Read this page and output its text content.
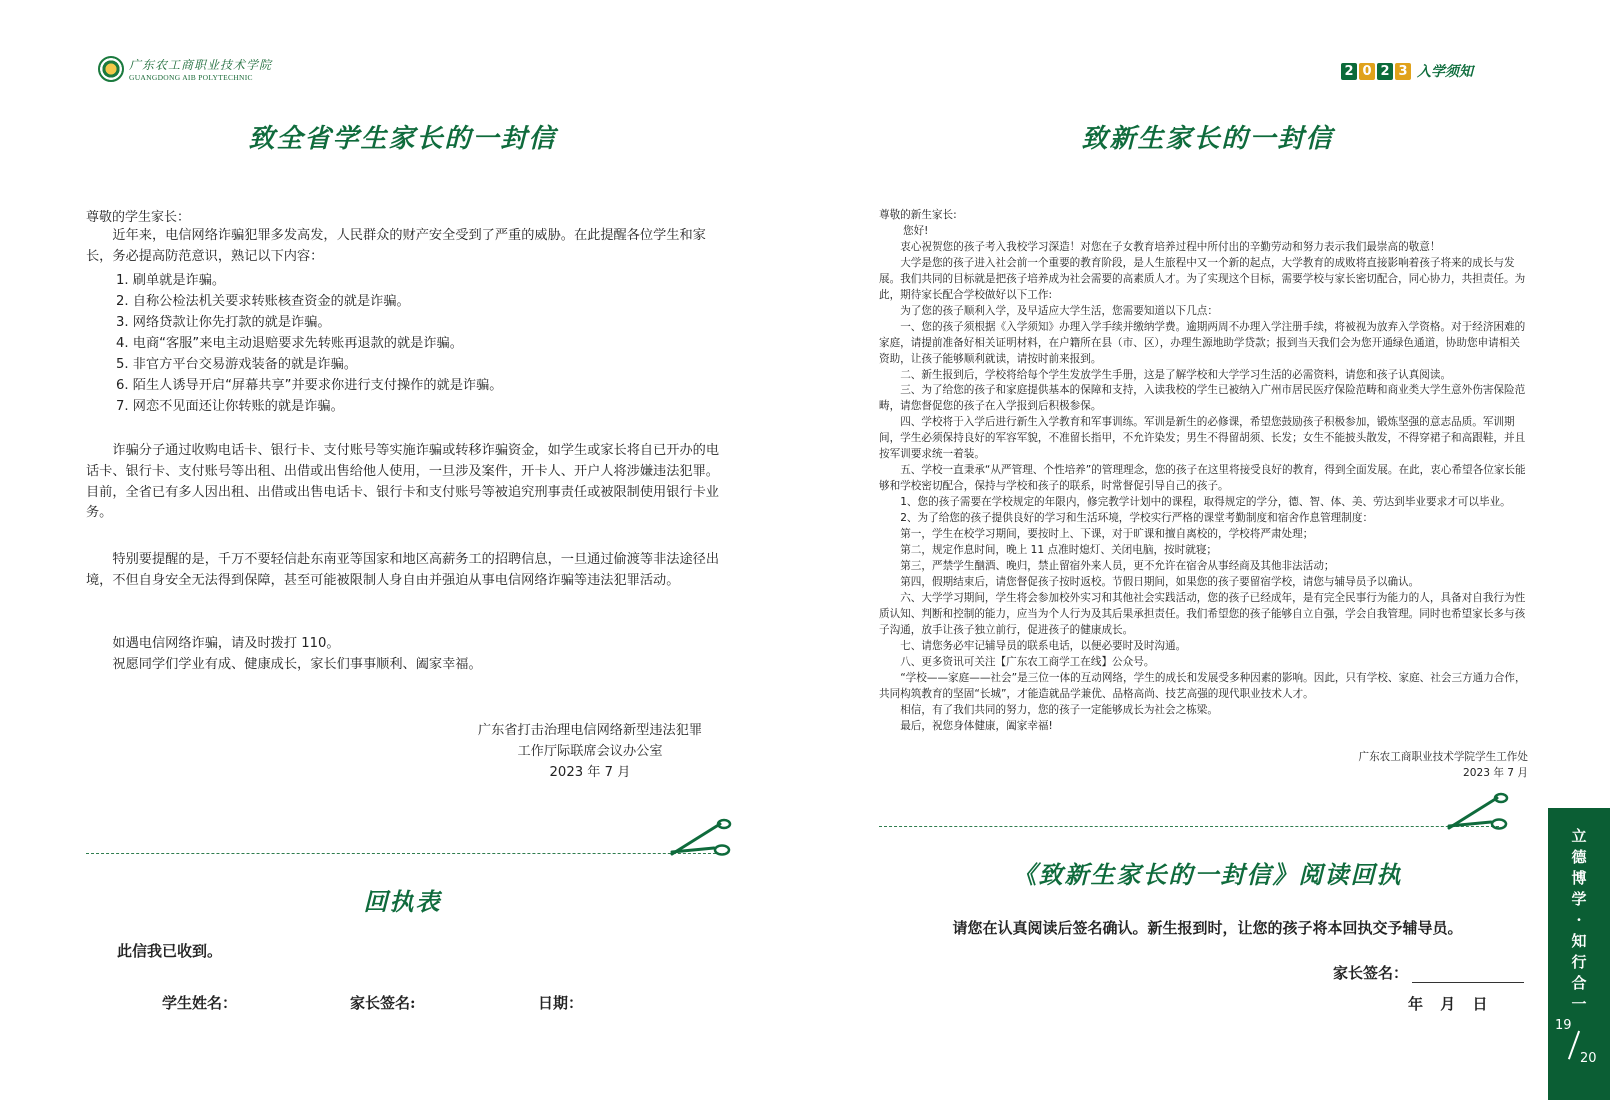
广东农工商职业技术学院
GUANGDONG AIB POLYTECHNIC
致全省学生家长的一封信
尊敬的学生家长：

近年来，电信网络诈骗犯罪多发高发，人民群众的财产安全受到了严重的威胁。在此提醒各位学生和家长，务必提高防范意识，熟记以下内容：

1. 刷单就是诈骗。
2. 自称公检法机关要求转账核查资金的就是诈骗。
3. 网络贷款让你先打款的就是诈骗。
4. 电商“客服”来电主动退赔要求先转账再退款的就是诈骗。
5. 非官方平台交易游戏装备的就是诈骗。
6. 陌生人诱导开启“屏幕共享”并要求你进行支付操作的就是诈骗。
7. 网恋不见面还让你转账的就是诈骗。

诈骗分子通过收购电话卡、银行卡、支付账号等实施诈骗或转移诈骗资金，如学生或家长将自已开办的电话卡、银行卡、支付账号等出租、出借或出售给他人使用，一旦涉及案件，开卡人、开户人将涉嫌违法犯罪。目前，全省已有多人因出租、出借或出售电话卡、银行卡和支付账号等被追究刑事责任或被限制使用银行卡业务。

特别要提醒的是，千万不要轻信赴东南亚等国家和地区高薪务工的招聘信息，一旦通过偷渡等非法途径出境，不但自身安全无法得到保障，甚至可能被限制人身自由并强迫从事电信网络诈骗等违法犯罪活动。

如遇电信网络诈骗，请及时拨打 110。

祝愿同学们学业有成、健康成长，家长们事事顺利、阖家幸福。

广东省打击治理电信网络新型违法犯罪
工作厅际联席会议办公室
2023 年 7 月
回执表
此信我已收到。
学生姓名：	家长签名:	日期：
2 0 2 3 入学须知
致新生家长的一封信

尊敬的新生家长:

您好!

衷心祝贺您的孩子考入我校学习深造！对您在子女教育培养过程中所付出的辛勤劳动和努力表示我们最崇高的敬意！

大学是您的孩子进入社会前一个重要的教育阶段，是人生旅程中又一个新的起点，大学教育的成败将直接影响着孩子将来的成长与发展。我们共同的目标就是把孩子培养成为社会需要的高素质人才。为了实现这个目标，需要学校与家长密切配合，同心协力，共担责任。为此，期待家长配合学校做好以下工作:

为了您的孩子顺利入学，及早适应大学生活，您需要知道以下几点：

一、您的孩子须根据《入学须知》办理入学手续并缴纳学费。逾期两周不办理入学注册手续，将被视为放弃入学资格。对于经济困难的家庭，请提前准备好相关证明材料，在户籍所在县（市、区），办理生源地助学贷款；报到当天我们会为您开通绿色通道，协助您申请相关资助，让孩子能够顺利就读，请按时前来报到。

二、新生报到后，学校将给每个学生发放学生手册，这是了解学校和大学学习生活的必需资料，请您和孩子认真阅读。

三、为了给您的孩子和家庭提供基本的保障和支持，入读我校的学生已被纳入广州市居民医疗保险范畴和商业类大学生意外伤害保险范畴，请您督促您的孩子在入学报到后积极参保。

四、学校将于入学后进行新生入学教育和军事训练。军训是新生的必修课，希望您鼓励孩子积极参加，锻炼坚强的意志品质。军训期间，学生必须保持良好的军容军貌，不准留长指甲，不允许染发；男生不得留胡须、长发；女生不能披头散发，不得穿裙子和高跟鞋，并且按军训要求统一着装。

五、学校一直秉承“从严管理、个性培养”的管理理念，您的孩子在这里将接受良好的教育，得到全面发展。在此，衷心希望各位家长能够和学校密切配合，保持与学校和孩子的联系，时常督促引导自己的孩子。

1、您的孩子需要在学校规定的年限内，修完教学计划中的课程，取得规定的学分，德、智、体、美、劳达到毕业要求才可以毕业。

2、为了给您的孩子提供良好的学习和生活环境，学校实行严格的课堂考勤制度和宿舍作息管理制度：

第一，学生在校学习期间，要按时上、下课，对于旷课和擅自离校的，学校将严肃处理；

第二，规定作息时间，晚上 11 点准时熄灯、关闭电脑，按时就寝；

第三，严禁学生酗酒、晚归，禁止留宿外来人员，更不允许在宿舍从事经商及其他非法活动；

第四，假期结束后，请您督促孩子按时返校。节假日期间，如果您的孩子要留宿学校，请您与辅导员予以确认。

六、大学学习期间，学生将会参加校外实习和其他社会实践活动，您的孩子已经成年，是有完全民事行为能力的人，具备对自我行为性质认知、判断和控制的能力，应当为个人行为及其后果承担责任。我们希望您的孩子能够自立自强，学会自我管理。同时也希望家长多与孩子沟通，放手让孩子独立前行，促进孩子的健康成长。

七、请您务必牢记辅导员的联系电话，以便必要时及时沟通。

八、更多资讯可关注【广东农工商学工在线】公众号。

“学校——家庭——社会”是三位一体的互动网络，学生的成长和发展受多种因素的影响。因此，只有学校、家庭、社会三方通力合作，共同构筑教育的坚固“长城”，才能造就品学兼优、品格高尚、技艺高强的现代职业技术人才。

相信，有了我们共同的努力，您的孩子一定能够成长为社会之栋梁。

最后，祝您身体健康，阖家幸福!

广东农工商职业技术学院学生工作处
2023 年 7 月
《致新生家长的一封信》阅读回执
请您在认真阅读后签名确认。新生报到时，让您的孩子将本回执交予辅导员。
家长签名：
年 月 日
立
德
博
学
·
知
行
合
一
19
20
